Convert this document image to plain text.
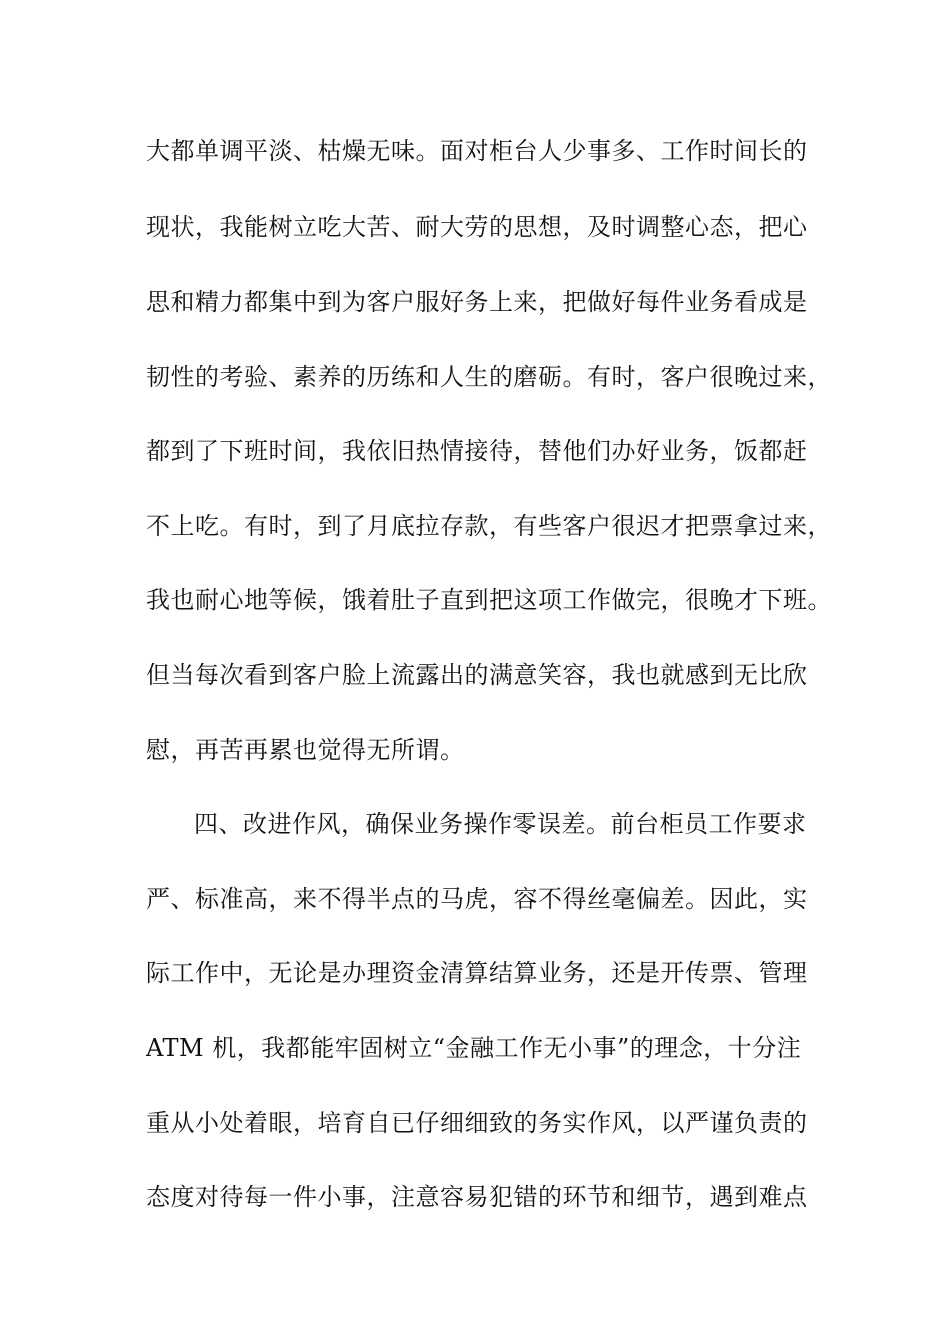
大都单调平淡、枯燥无味。面对柜台人少事多、工作时间长的
现状，我能树立吃大苦、耐大劳的思想，及时调整心态，把心
思和精力都集中到为客户服好务上来，把做好每件业务看成是
韧性的考验、素养的历练和人生的磨砺。有时，客户很晚过来，
都到了下班时间，我依旧热情接待，替他们办好业务，饭都赶
不上吃。有时，到了月底拉存款，有些客户很迟才把票拿过来，
我也耐心地等候，饿着肚子直到把这项工作做完，很晚才下班。
但当每次看到客户脸上流露出的满意笑容，我也就感到无比欣
慰，再苦再累也觉得无所谓。
四、改进作风，确保业务操作零误差。前台柜员工作要求
严、标准高，来不得半点的马虎，容不得丝毫偏差。因此，实
际工作中，无论是办理资金清算结算业务，还是开传票、管理
ATM 机，我都能牢固树立“金融工作无小事”的理念，十分注
重从小处着眼，培育自已仔细细致的务实作风，以严谨负责的
态度对待每一件小事，注意容易犯错的环节和细节，遇到难点
